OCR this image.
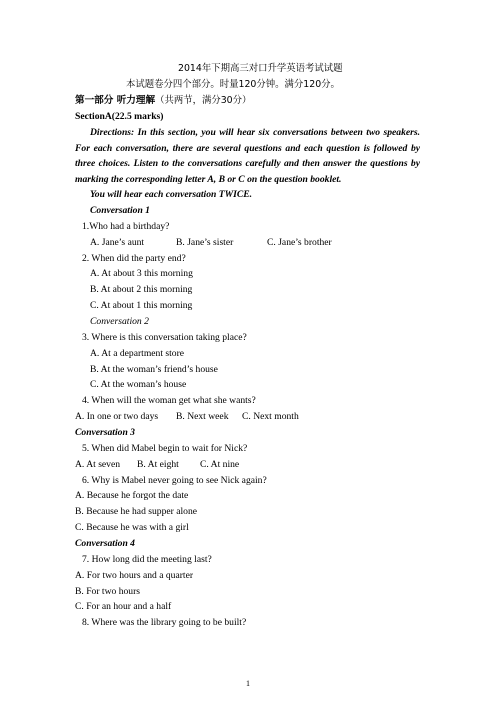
2014年下期高三对口升学英语考试试题
本试题卷分四个部分。时量120分钟。满分120分。
第一部分 听力理解（共两节，满分30分）
SectionA(22.5 marks)
Directions: In this section, you will hear six conversations between two speakers. For each conversation, there are several questions and each question is followed by three choices. Listen to the conversations carefully and then answer the questions by marking the corresponding letter A, B or C on the question booklet.
You will hear each conversation TWICE.
Conversation 1
1.Who had a birthday?
A. Jane’s aunt	B. Jane’s sister	C. Jane’s brother
2. When did the party end?
A. At about 3 this morning
B. At about 2 this morning
C. At about 1 this morning
Conversation 2
3. Where is this conversation taking place?
A. At a department store
B. At the woman’s friend’s house
C. At the woman’s house
4. When will the woman get what she wants?
A. In one or two days B. Next week C. Next month
Conversation 3
5. When did Mabel begin to wait for Nick?
A. At seven B. At eight C. At nine
6. Why is Mabel never going to see Nick again?
A. Because he forgot the date
B. Because he had supper alone
C. Because he was with a girl
Conversation 4
7. How long did the meeting last?
A. For two hours and a quarter
B. For two hours
C. For an hour and a half
8. Where was the library going to be built?
1
